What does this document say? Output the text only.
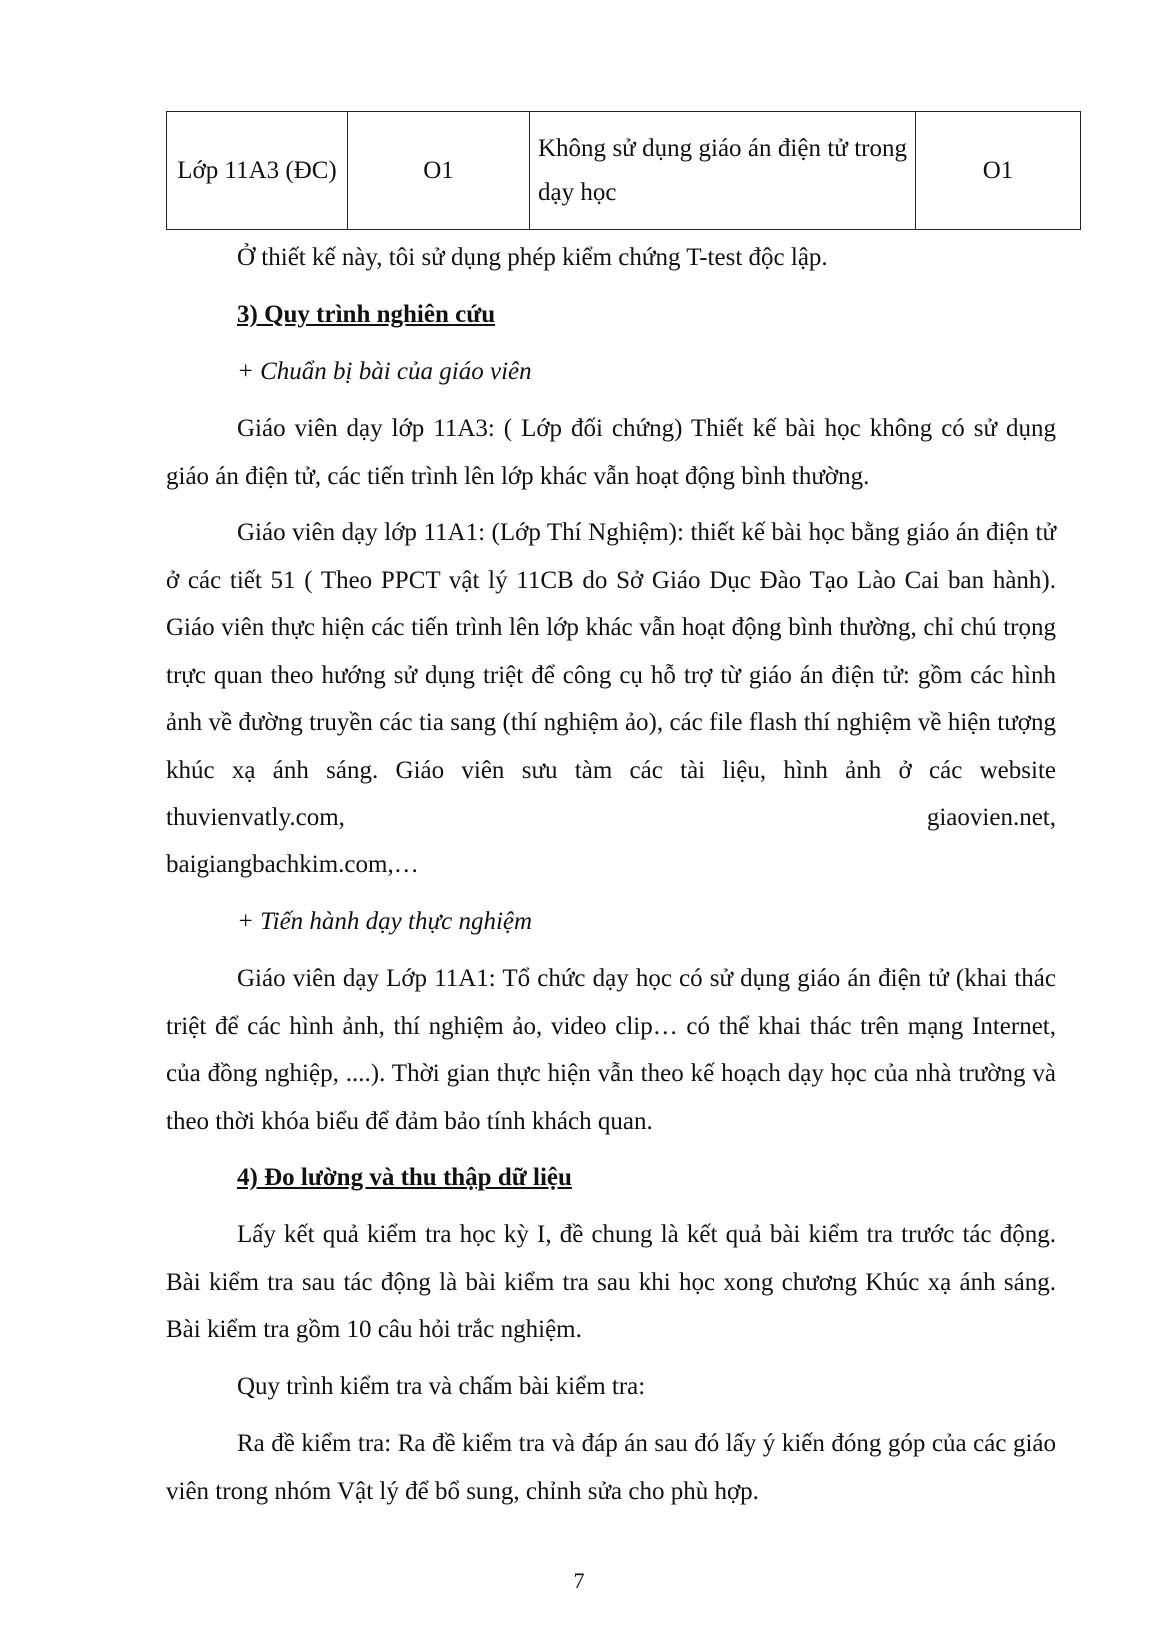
Lớp 11A3 (ĐC)	O1	Không sử dụng giáo án điện tử trong dạy học	O1

Ở thiết kế này, tôi sử dụng phép kiểm chứng T-test độc lập.

3) Quy trình nghiên cứu

+ Chuẩn bị bài của giáo viên

Giáo viên dạy lớp 11A3: ( Lớp đối chứng) Thiết kế bài học không có sử dụng giáo án điện tử, các tiến trình lên lớp khác vẫn hoạt động bình thường.

Giáo viên dạy lớp 11A1: (Lớp Thí Nghiệm): thiết kế bài học bằng giáo án điện tử ở các tiết 51 ( Theo PPCT vật lý 11CB do Sở Giáo Dục Đào Tạo Lào Cai ban hành). Giáo viên thực hiện các tiến trình lên lớp khác vẫn hoạt động bình thường, chỉ chú trọng trực quan theo hướng sử dụng triệt để công cụ hỗ trợ từ giáo án điện tử: gồm các hình ảnh về đường truyền các tia sang (thí nghiệm ảo), các file flash thí nghiệm về hiện tượng khúc xạ ánh sáng. Giáo viên sưu tàm các tài liệu, hình ảnh ở các website thuvienvatly.com, giaovien.net,

baigiangbachkim.com,…

+ Tiến hành dạy thực nghiệm

Giáo viên dạy Lớp 11A1: Tổ chức dạy học có sử dụng giáo án điện tử (khai thác triệt để các hình ảnh, thí nghiệm ảo, video clip… có thể khai thác trên mạng Internet, của đồng nghiệp, ....). Thời gian thực hiện vẫn theo kế hoạch dạy học của nhà trường và theo thời khóa biểu để đảm bảo tính khách quan.

4) Đo lường và thu thập dữ liệu

Lấy kết quả kiểm tra học kỳ I, đề chung là kết quả bài kiểm tra trước tác động. Bài kiểm tra sau tác động là bài kiểm tra sau khi học xong chương Khúc xạ ánh sáng. Bài kiểm tra gồm 10 câu hỏi trắc nghiệm.

Quy trình kiểm tra và chấm bài kiểm tra:

Ra đề kiểm tra: Ra đề kiểm tra và đáp án sau đó lấy ý kiến đóng góp của các giáo viên trong nhóm Vật lý để bổ sung, chỉnh sửa cho phù hợp.

7
